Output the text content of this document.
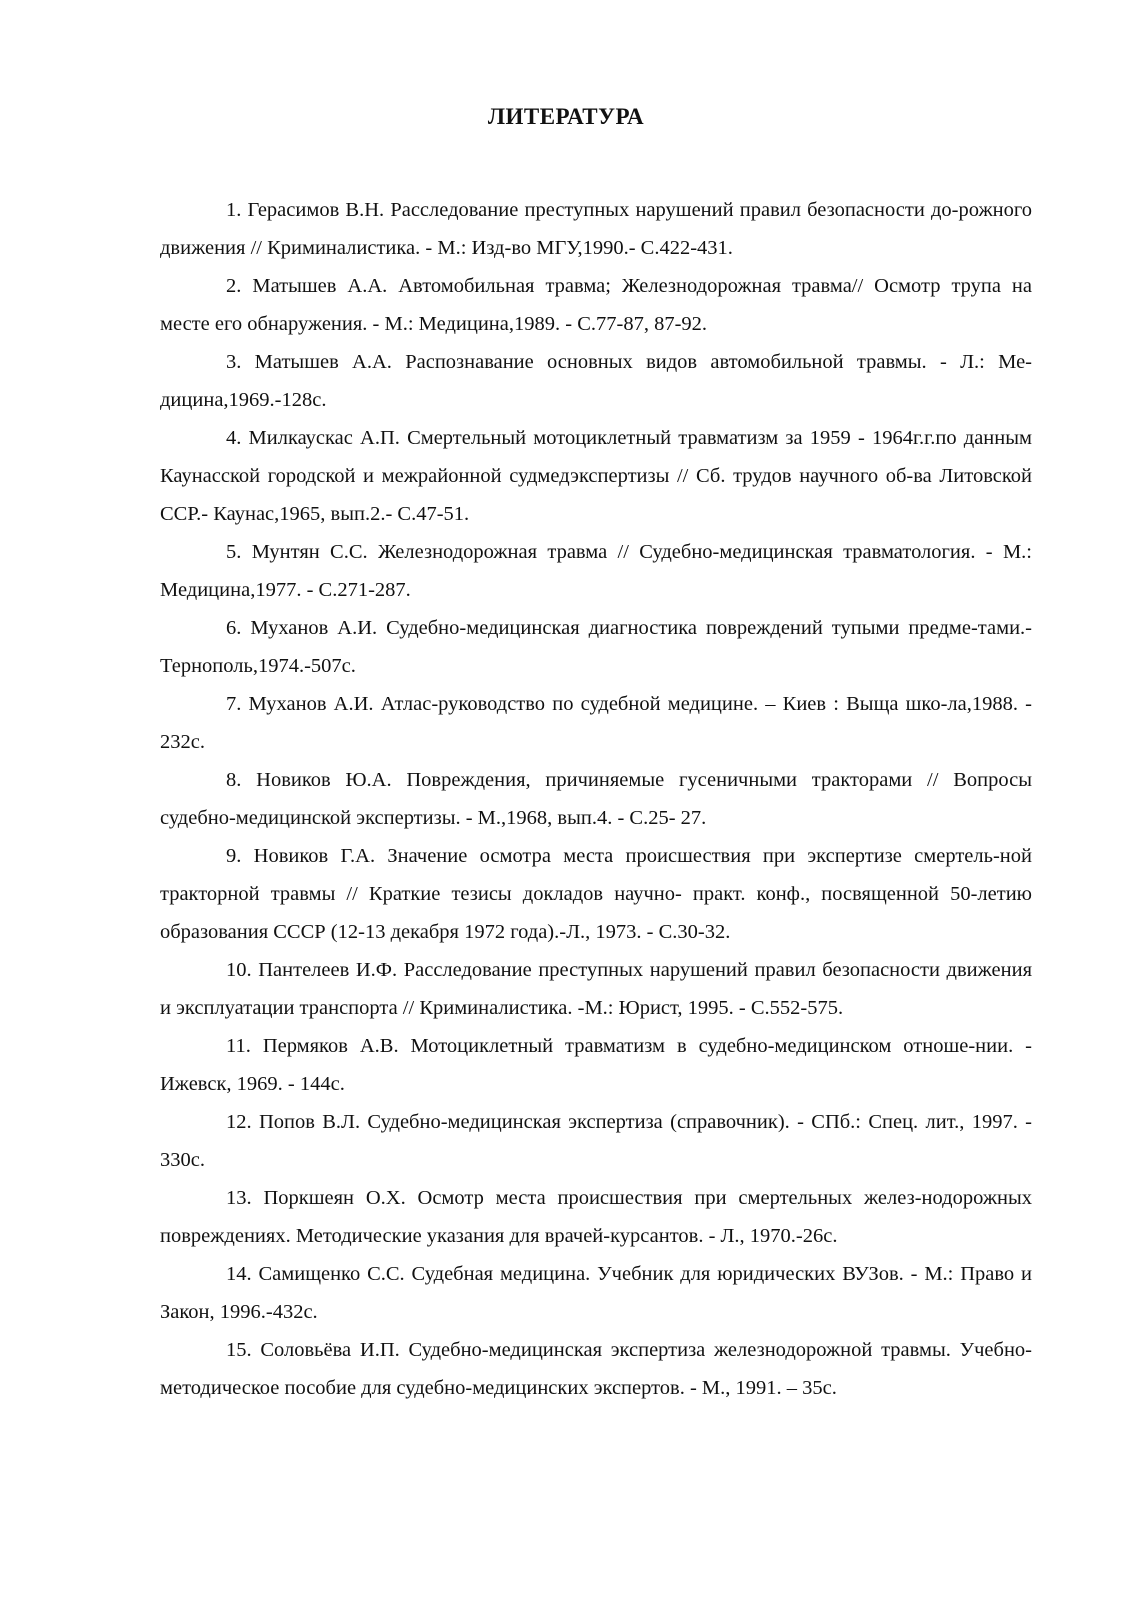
ЛИТЕРАТУРА

1. Герасимов В.Н. Расследование преступных нарушений правил безопасности до-рожного движения // Криминалистика. - М.: Изд-во МГУ,1990.- С.422-431.

2. Матышев А.А. Автомобильная травма; Железнодорожная травма// Осмотр трупа на месте его обнаружения. - М.: Медицина,1989. - С.77-87, 87-92.

3. Матышев А.А. Распознавание основных видов автомобильной травмы. - Л.: Ме-дицина,1969.-128с.

4. Милкаускас А.П. Смертельный мотоциклетный травматизм за 1959 - 1964г.г.по данным Каунасской городской и межрайонной судмедэкспертизы // Сб. трудов научного об-ва Литовской ССР.- Каунас,1965, вып.2.- С.47-51.

5. Мунтян С.С. Железнодорожная травма // Судебно-медицинская травматология. - М.: Медицина,1977. - С.271-287.

6. Муханов А.И. Судебно-медицинская диагностика повреждений тупыми предме-тами.-Тернополь,1974.-507с.

7. Муханов А.И. Атлас-руководство по судебной медицине. – Киев : Выща шко-ла,1988. - 232с.

8. Новиков Ю.А. Повреждения, причиняемые гусеничными тракторами // Вопросы судебно-медицинской экспертизы. - М.,1968, вып.4. - С.25- 27.

9. Новиков Г.А. Значение осмотра места происшествия при экспертизе смертель-ной тракторной травмы // Краткие тезисы докладов научно- практ. конф., посвященной 50-летию образования СССР (12-13 декабря 1972 года).-Л., 1973. - С.30-32.

10. Пантелеев И.Ф. Расследование преступных нарушений правил безопасности движения и эксплуатации транспорта // Криминалистика. -М.: Юрист, 1995. - С.552-575.

11. Пермяков А.В. Мотоциклетный травматизм в судебно-медицинском отноше-нии. - Ижевск, 1969. - 144с.

12. Попов В.Л. Судебно-медицинская экспертиза (справочник). - СПб.: Спец. лит., 1997. - 330с.

13. Поркшеян О.Х. Осмотр места происшествия при смертельных желез-нодорожных повреждениях. Методические указания для врачей-курсантов. - Л., 1970.-26с.

14. Самищенко С.С. Судебная медицина. Учебник для юридических ВУЗов. - М.: Право и Закон, 1996.-432с.

15. Соловьёва И.П. Судебно-медицинская экспертиза железнодорожной травмы. Учебно-методическое пособие для судебно-медицинских экспертов. - М., 1991. – 35с.
